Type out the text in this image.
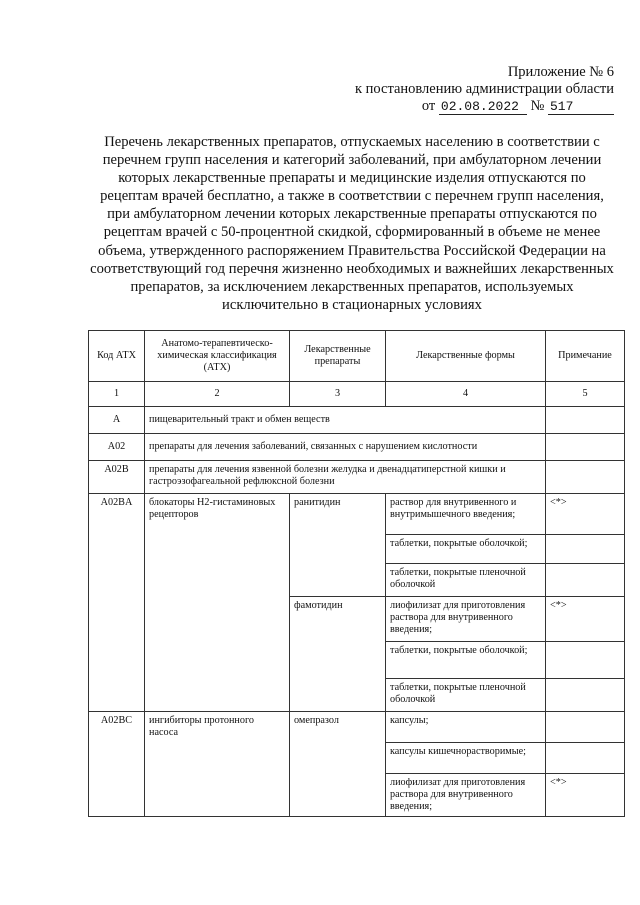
Приложение № 6
к постановлению администрации области
от 02.08.2022 № 517
Перечень лекарственных препаратов, отпускаемых населению в соответствии с перечнем групп населения и категорий заболеваний, при амбулаторном лечении которых лекарственные препараты и медицинские изделия отпускаются по рецептам врачей бесплатно, а также в соответствии с перечнем групп населения, при амбулаторном лечении которых лекарственные препараты отпускаются по рецептам врачей с 50-процентной скидкой, сформированный в объеме не менее объема, утвержденного распоряжением Правительства Российской Федерации на соответствующий год перечня жизненно необходимых и важнейших лекарственных препаратов, за исключением лекарственных препаратов, используемых исключительно в стационарных условиях
Код АТХ	Анатомо-терапевтическо-химическая классификация (АТХ)	Лекарственные препараты	Лекарственные формы	Примечание
1	2	3	4	5
A	пищеварительный тракт и обмен веществ			
A02	препараты для лечения заболеваний, связанных с нарушением кислотности			
A02B	препараты для лечения язвенной болезни желудка и двенадцатиперстной кишки и гастроэзофагеальной рефлюксной болезни			
A02BA	блокаторы Н2-гистаминовых рецепторов	ранитидин	раствор для внутривенного и внутримышечного введения;	<*>
			таблетки, покрытые оболочкой;	
			таблетки, покрытые пленочной оболочкой	
		фамотидин	лиофилизат для приготовления раствора для внутривенного введения;	<*>
			таблетки, покрытые оболочкой;	
			таблетки, покрытые пленочной оболочкой	
A02BC	ингибиторы протонного насоса	омепразол	капсулы;	
			капсулы кишечнорастворимые;	
			лиофилизат для приготовления раствора для внутривенного введения;	<*>
